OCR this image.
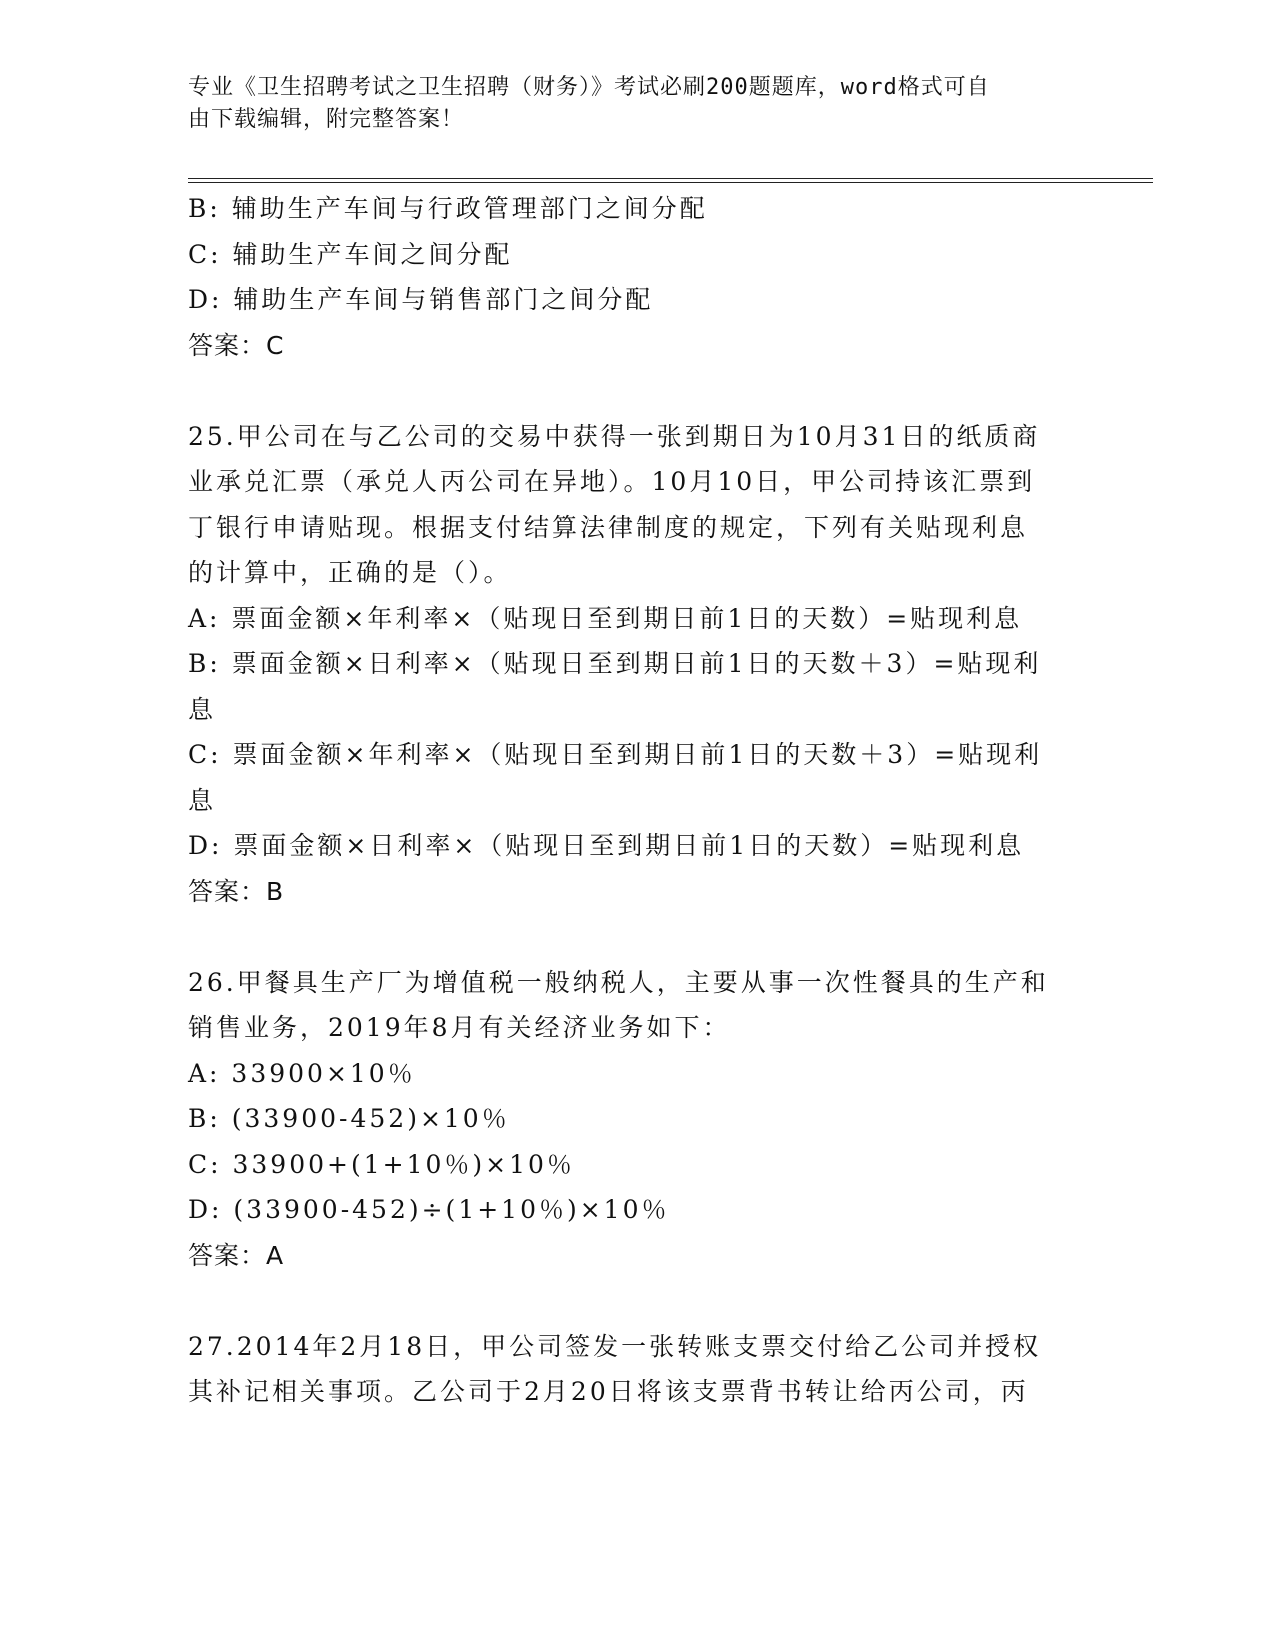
专业《卫生招聘考试之卫生招聘（财务）》考试必刷200题题库，word格式可自
由下载编辑，附完整答案！
B: 辅助生产车间与行政管理部门之间分配
C: 辅助生产车间之间分配
D: 辅助生产车间与销售部门之间分配
答案：C
25.甲公司在与乙公司的交易中获得一张到期日为10月31日的纸质商
业承兑汇票（承兑人丙公司在异地）。10月10日，甲公司持该汇票到
丁银行申请贴现。根据支付结算法律制度的规定，下列有关贴现利息
的计算中，正确的是（）。
A: 票面金额×年利率×（贴现日至到期日前1日的天数）=贴现利息
B: 票面金额×日利率×（贴现日至到期日前1日的天数＋3）=贴现利
息
C: 票面金额×年利率×（贴现日至到期日前1日的天数＋3）=贴现利
息
D: 票面金额×日利率×（贴现日至到期日前1日的天数）=贴现利息
答案：B
26.甲餐具生产厂为增值税一般纳税人，主要从事一次性餐具的生产和
销售业务，2019年8月有关经济业务如下：
A: 33900×10％
B: (33900-452)×10％
C: 33900+(1+10％)×10％
D: (33900-452)÷(1+10％)×10％
答案：A
27.2014年2月18日，甲公司签发一张转账支票交付给乙公司并授权
其补记相关事项。乙公司于2月20日将该支票背书转让给丙公司，丙
